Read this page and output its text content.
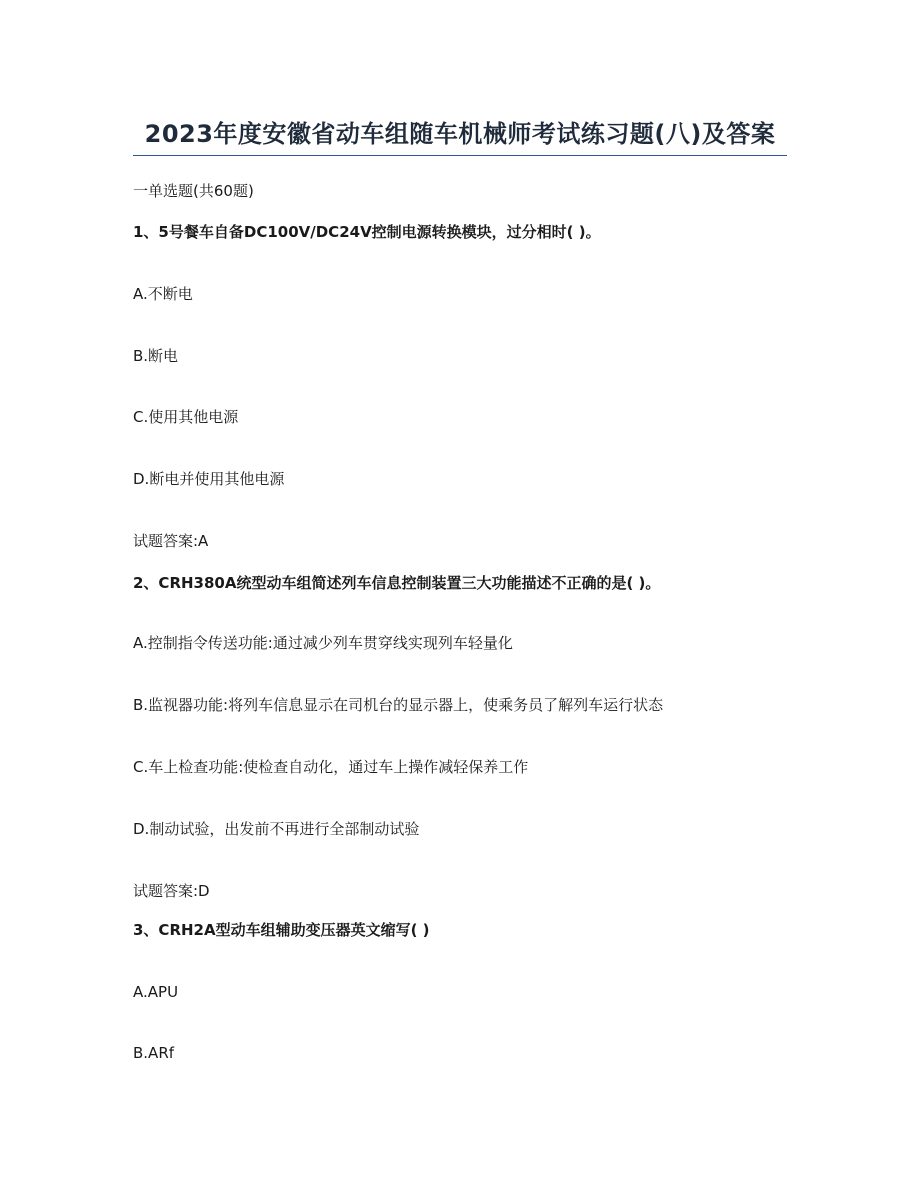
2023年度安徽省动车组随车机械师考试练习题(八)及答案
一单选题(共60题)
1、5号餐车自备DC100V/DC24V控制电源转换模块，过分相时( )。
A.不断电
B.断电
C.使用其他电源
D.断电并使用其他电源
试题答案:A
2、CRH380A统型动车组简述列车信息控制装置三大功能描述不正确的是( )。
A.控制指令传送功能:通过减少列车贯穿线实现列车轻量化
B.监视器功能:将列车信息显示在司机台的显示器上，使乘务员了解列车运行状态
C.车上检查功能:使检查自动化，通过车上操作减轻保养工作
D.制动试验，出发前不再进行全部制动试验
试题答案:D
3、CRH2A型动车组辅助变压器英文缩写( )
A.APU
B.ARf
